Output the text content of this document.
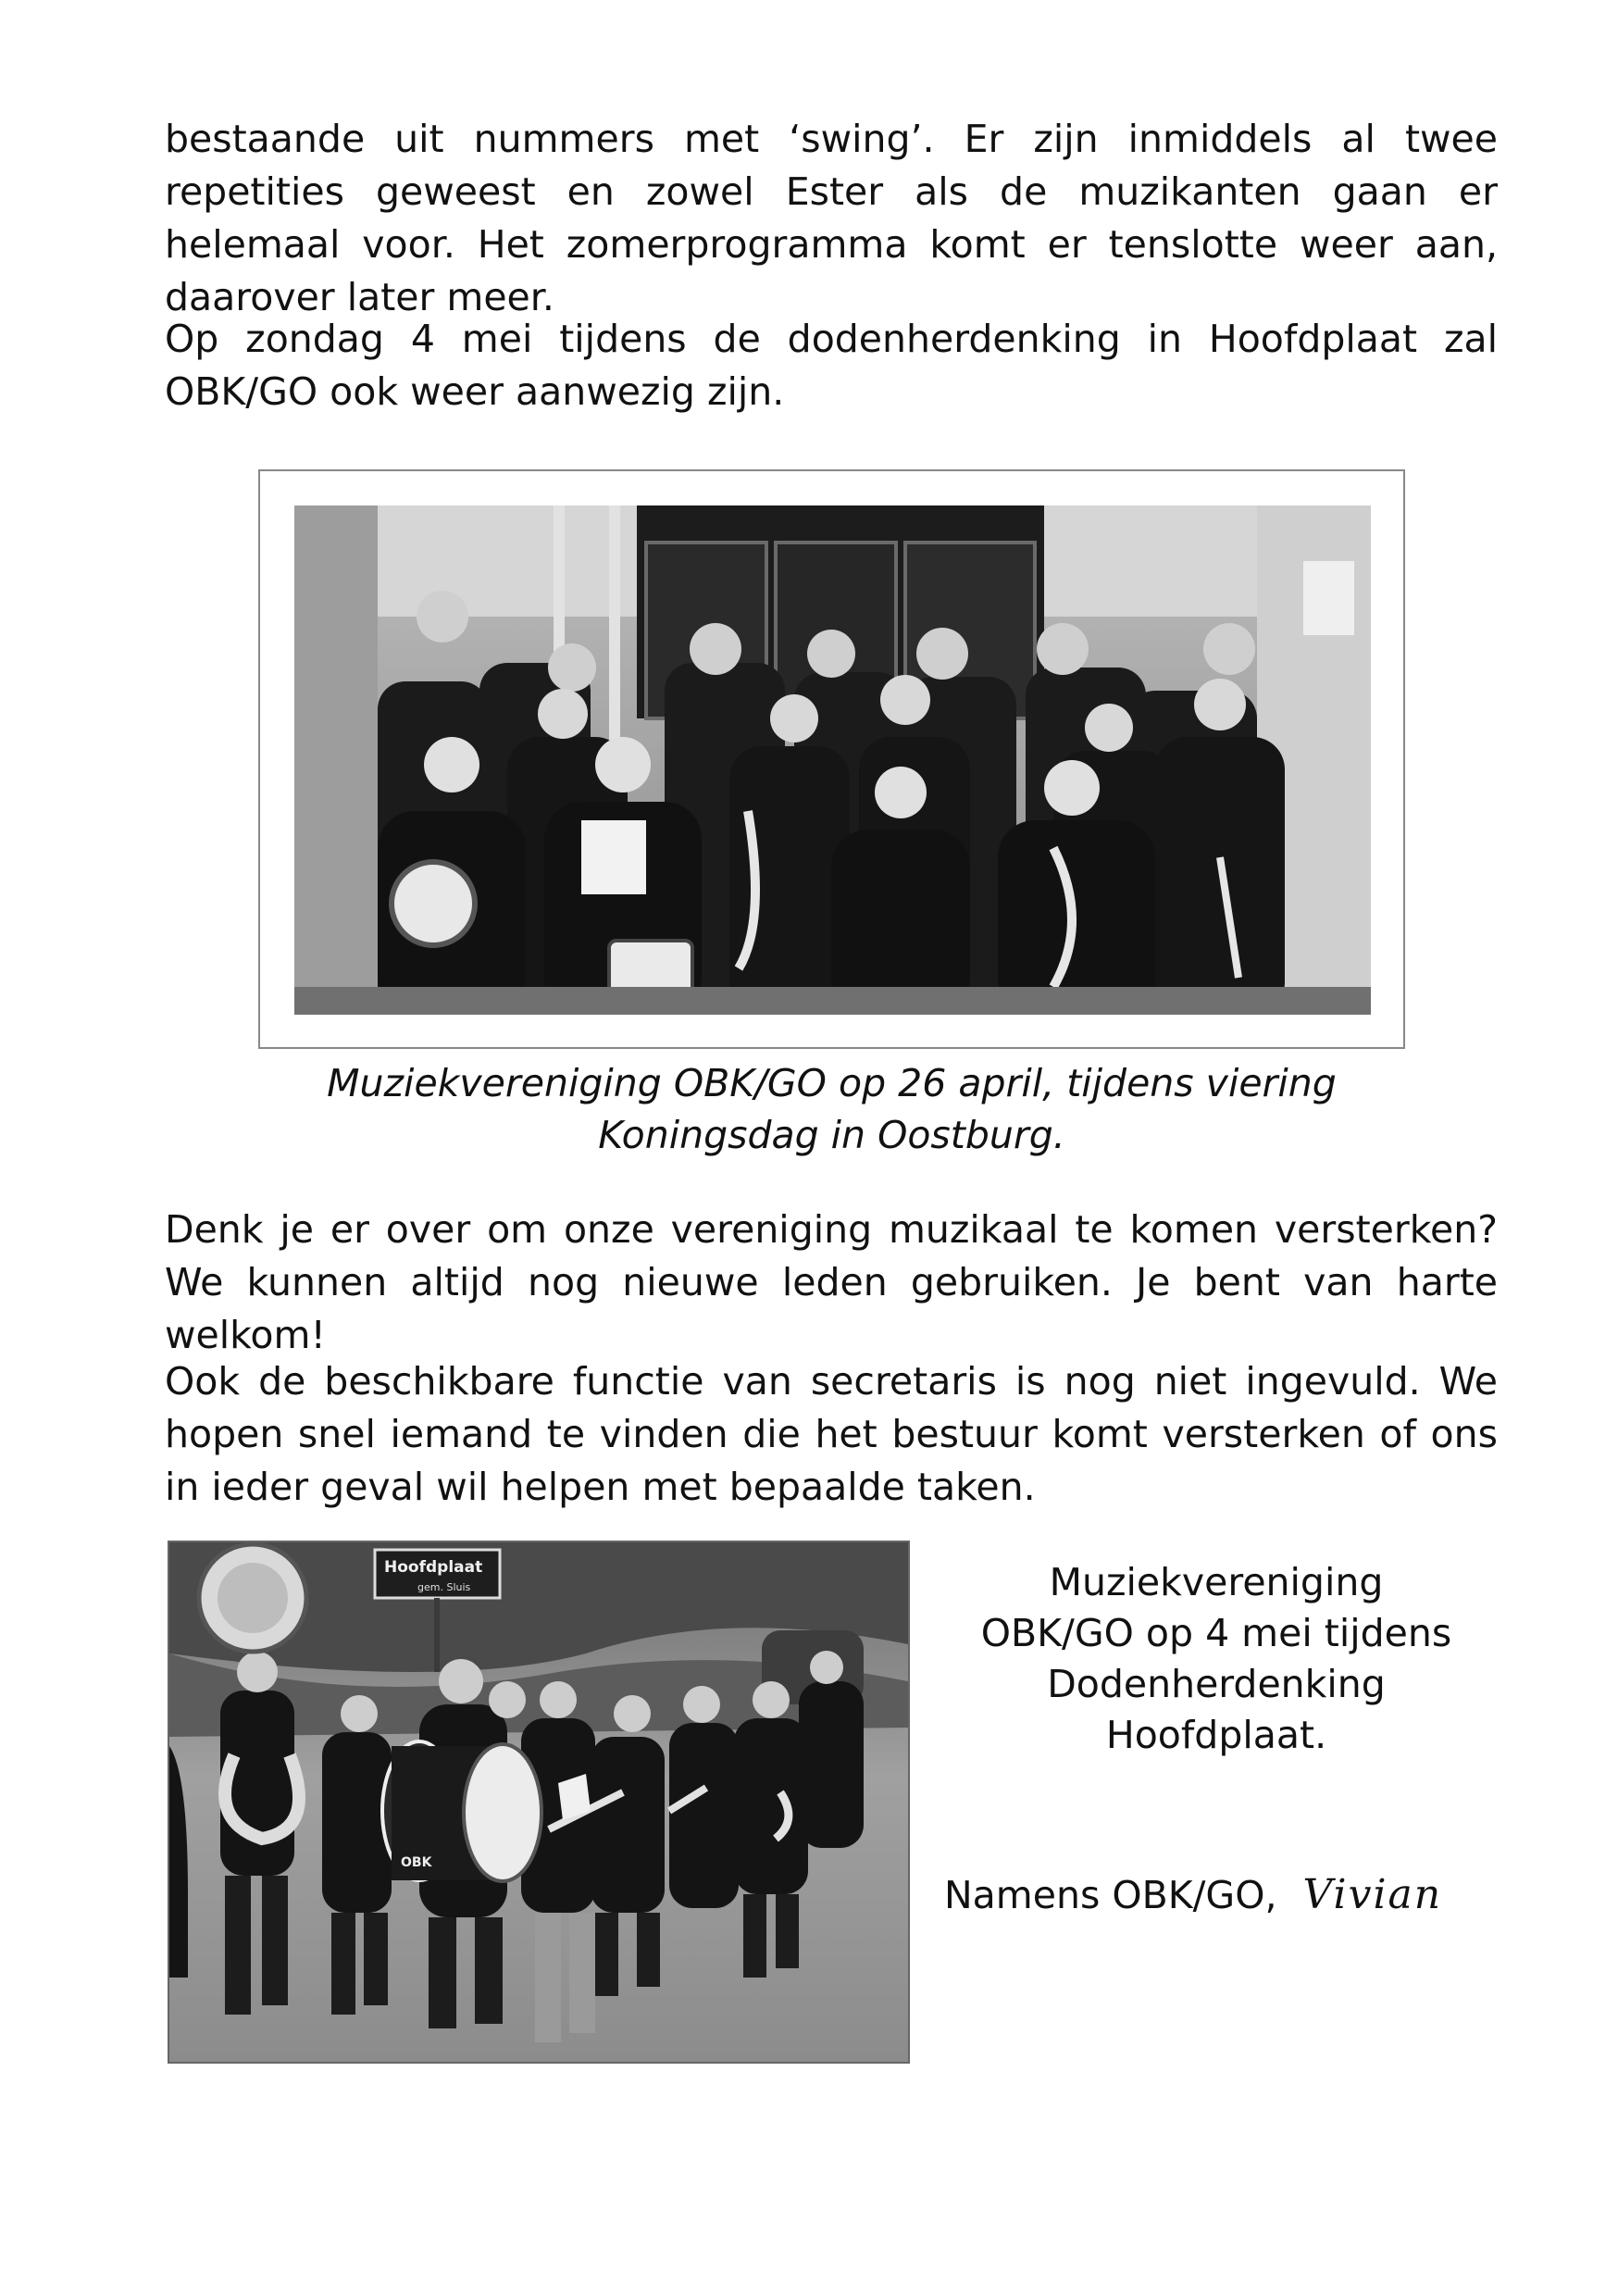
bestaande uit nummers met ‘swing’. Er zijn inmiddels al twee repetities geweest en zowel Ester als de muzikanten gaan er helemaal voor. Het zomerprogramma komt er tenslotte weer aan, daarover later meer.

Op zondag 4 mei tijdens de dodenherdenking in Hoofdplaat zal OBK/GO ook weer aanwezig zijn.

Muziekvereniging OBK/GO op 26 april, tijdens viering
Koningsdag in Oostburg.

Denk je er over om onze vereniging muzikaal te komen versterken? We kunnen altijd nog nieuwe leden gebruiken. Je bent van harte welkom!

Ook de beschikbare functie van secretaris is nog niet ingevuld. We hopen snel iemand te vinden die het bestuur komt versterken of ons in ieder geval wil helpen met bepaalde taken.

Hoofdplaat
gem. Sluis
OBK

Muziekvereniging
OBK/GO op 4 mei tijdens
Dodenherdenking
Hoofdplaat.

Namens OBK/GO, Vivian
